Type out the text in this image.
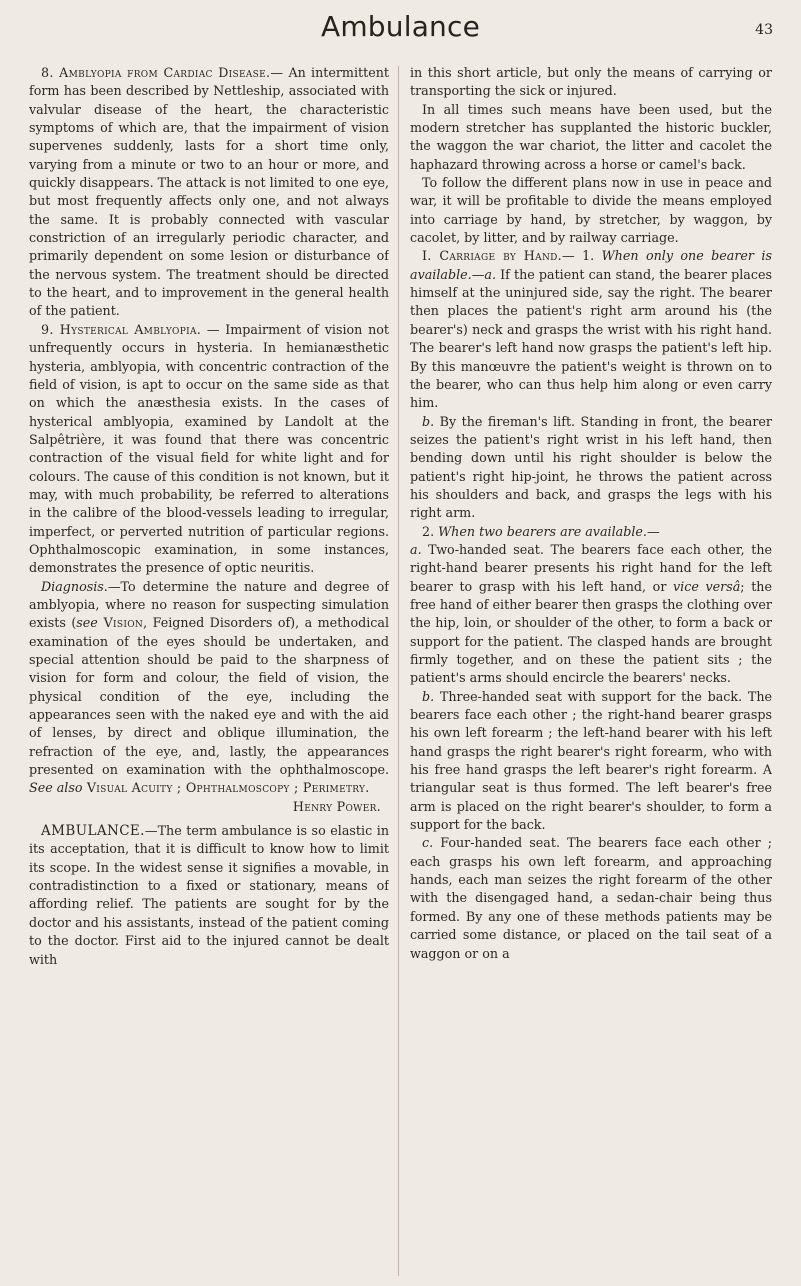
Ambulance	43

8. Amblyopia from Cardiac Disease.— An intermittent form has been described by Nettleship, associated with valvular disease of the heart, the characteristic symptoms of which are, that the impairment of vision supervenes suddenly, lasts for a short time only, varying from a minute or two to an hour or more, and quickly disappears. The attack is not limited to one eye, but most frequently affects only one, and not always the same. It is probably connected with vascular constriction of an irregularly periodic character, and primarily dependent on some lesion or disturbance of the nervous system. The treatment should be directed to the heart, and to improvement in the general health of the patient.

9. Hysterical Amblyopia. — Impairment of vision not unfrequently occurs in hysteria. In hemianæsthetic hysteria, amblyopia, with concentric contraction of the field of vision, is apt to occur on the same side as that on which the anæsthesia exists. In the cases of hysterical amblyopia, examined by Landolt at the Salpêtrière, it was found that there was concentric contraction of the visual field for white light and for colours. The cause of this condition is not known, but it may, with much probability, be referred to alterations in the calibre of the blood-vessels leading to irregular, imperfect, or perverted nutrition of particular regions. Ophthalmoscopic examination, in some instances, demonstrates the presence of optic neuritis.

Diagnosis.—To determine the nature and degree of amblyopia, where no reason for suspecting simulation exists (see Vision, Feigned Disorders of), a methodical examination of the eyes should be undertaken, and special attention should be paid to the sharpness of vision for form and colour, the field of vision, the physical condition of the eye, including the appearances seen with the naked eye and with the aid of lenses, by direct and oblique illumination, the refraction of the eye, and, lastly, the appearances presented on examination with the ophthalmoscope. See also Visual Acuity ; Ophthalmoscopy ; Perimetry.

Henry Power.

AMBULANCE.—The term ambulance is so elastic in its acceptation, that it is difficult to know how to limit its scope. In the widest sense it signifies a movable, in contradistinction to a fixed or stationary, means of affording relief. The patients are sought for by the doctor and his assistants, instead of the patient coming to the doctor. First aid to the injured cannot be dealt with

in this short article, but only the means of carrying or transporting the sick or injured.

In all times such means have been used, but the modern stretcher has supplanted the historic buckler, the waggon the war chariot, the litter and cacolet the haphazard throwing across a horse or camel's back.

To follow the different plans now in use in peace and war, it will be profitable to divide the means employed into carriage by hand, by stretcher, by waggon, by cacolet, by litter, and by railway carriage.

I. Carriage by Hand.— 1. When only one bearer is available.—a. If the patient can stand, the bearer places himself at the uninjured side, say the right. The bearer then places the patient's right arm around his (the bearer's) neck and grasps the wrist with his right hand. The bearer's left hand now grasps the patient's left hip. By this manœuvre the patient's weight is thrown on to the bearer, who can thus help him along or even carry him.

b. By the fireman's lift. Standing in front, the bearer seizes the patient's right wrist in his left hand, then bending down until his right shoulder is below the patient's right hip-joint, he throws the patient across his shoulders and back, and grasps the legs with his right arm.

2. When two bearers are available.—

a. Two-handed seat. The bearers face each other, the right-hand bearer presents his right hand for the left bearer to grasp with his left hand, or vice versâ; the free hand of either bearer then grasps the clothing over the hip, loin, or shoulder of the other, to form a back or support for the patient. The clasped hands are brought firmly together, and on these the patient sits ; the patient's arms should encircle the bearers' necks.

b. Three-handed seat with support for the back. The bearers face each other ; the right-hand bearer grasps his own left forearm ; the left-hand bearer with his left hand grasps the right bearer's right forearm, who with his free hand grasps the left bearer's right forearm. A triangular seat is thus formed. The left bearer's free arm is placed on the right bearer's shoulder, to form a support for the back.

c. Four-handed seat. The bearers face each other ; each grasps his own left forearm, and approaching hands, each man seizes the right forearm of the other with the disengaged hand, a sedan-chair being thus formed. By any one of these methods patients may be carried some distance, or placed on the tail seat of a waggon or on a
